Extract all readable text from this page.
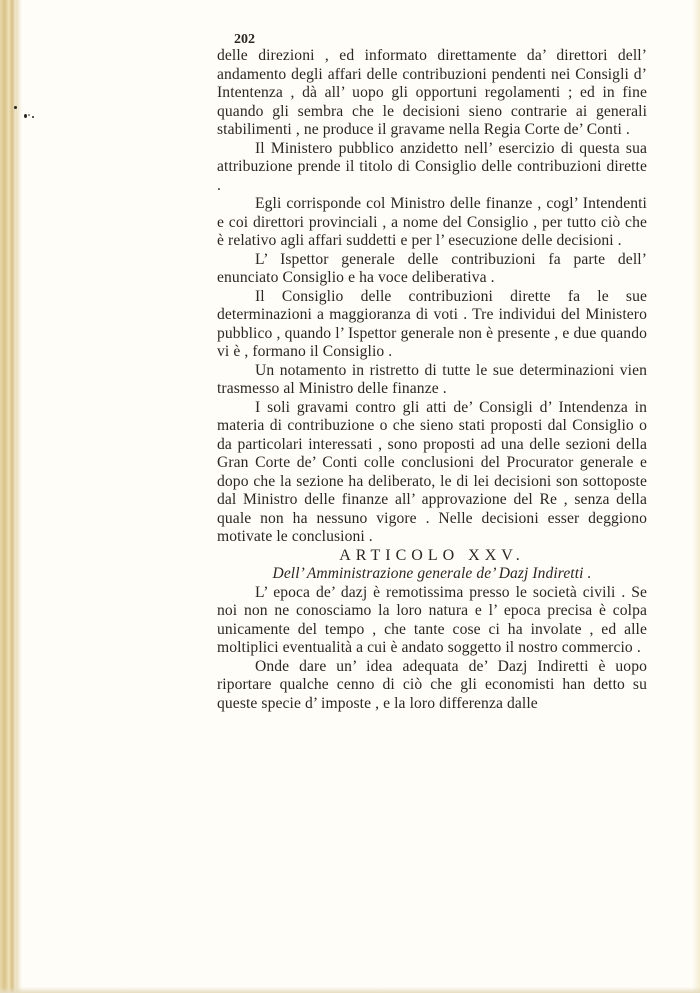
202

delle direzioni , ed informato direttamente da’ direttori dell’ andamento degli affari delle contribuzioni pendenti nei Consigli d’ Intentenza , dà all’ uopo gli opportuni regolamenti ; ed in fine quando gli sembra che le decisioni sieno contrarie ai generali stabilimenti , ne produce il gravame nella Regia Corte de’ Conti .

Il Ministero pubblico anzidetto nell’ esercizio di questa sua attribuzione prende il titolo di Consiglio delle contribuzioni dirette .

Egli corrisponde col Ministro delle finanze , cogl’ Intendenti e coi direttori provinciali , a nome del Consiglio , per tutto ciò che è relativo agli affari suddetti e per l’ esecuzione delle decisioni .

L’ Ispettor generale delle contribuzioni fa parte dell’ enunciato Consiglio e ha voce deliberativa .

Il Consiglio delle contribuzioni dirette fa le sue determinazioni a maggioranza di voti . Tre individui del Ministero pubblico , quando l’ Ispettor generale non è presente , e due quando vi è , formano il Consiglio .

Un notamento in ristretto di tutte le sue determinazioni vien trasmesso al Ministro delle finanze .

I soli gravami contro gli atti de’ Consigli d’ Intendenza in materia di contribuzione o che sieno stati proposti dal Consiglio o da particolari interessati , sono proposti ad una delle sezioni della Gran Corte de’ Conti colle conclusioni del Procurator generale e dopo che la sezione ha deliberato, le di lei decisioni son sottoposte dal Ministro delle finanze all’ approvazione del Re , senza della quale non ha nessuno vigore . Nelle decisioni esser deggiono motivate le conclusioni .

ARTICOLO XXV.

Dell’ Amministrazione generale de’ Dazj Indiretti .

L’ epoca de’ dazj è remotissima presso le società civili . Se noi non ne conosciamo la loro natura e l’ epoca precisa è colpa unicamente del tempo , che tante cose ci ha involate , ed alle moltiplici eventualità a cui è andato soggetto il nostro commercio .

Onde dare un’ idea adequata de’ Dazj Indiretti è uopo riportare qualche cenno di ciò che gli economisti han detto su queste specie d’ imposte , e la loro differenza dalle
